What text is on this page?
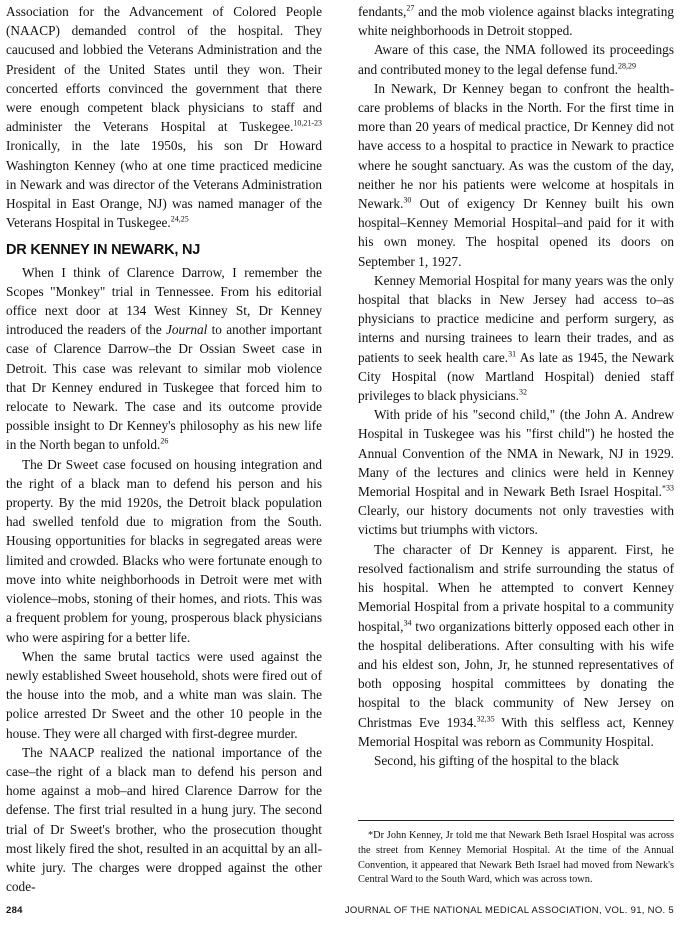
Association for the Advancement of Colored People (NAACP) demanded control of the hospital. They caucused and lobbied the Veterans Administration and the President of the United States until they won. Their concerted efforts convinced the government that there were enough competent black physicians to staff and administer the Veterans Hospital at Tuskegee.$^{10,21-23}$ Ironically, in the late 1950s, his son Dr Howard Washington Kenney (who at one time practiced medicine in Newark and was director of the Veterans Administration Hospital in East Orange, NJ) was named manager of the Veterans Hospital in Tuskegee.$^{24,25}$

DR KENNEY IN NEWARK, NJ

When I think of Clarence Darrow, I remember the Scopes "Monkey" trial in Tennessee. From his editorial office next door at 134 West Kinney St, Dr Kenney introduced the readers of the Journal to another important case of Clarence Darrow–the Dr Ossian Sweet case in Detroit. This case was relevant to similar mob violence that Dr Kenney endured in Tuskegee that forced him to relocate to Newark. The case and its outcome provide possible insight to Dr Kenney's philosophy as his new life in the North began to unfold.$^{26}$

The Dr Sweet case focused on housing integration and the right of a black man to defend his person and his property. By the mid 1920s, the Detroit black population had swelled tenfold due to migration from the South. Housing opportunities for blacks in segregated areas were limited and crowded. Blacks who were fortunate enough to move into white neighborhoods in Detroit were met with violence–mobs, stoning of their homes, and riots. This was a frequent problem for young, prosperous black physicians who were aspiring for a better life.

When the same brutal tactics were used against the newly established Sweet household, shots were fired out of the house into the mob, and a white man was slain. The police arrested Dr Sweet and the other 10 people in the house. They were all charged with first-degree murder.

The NAACP realized the national importance of the case–the right of a black man to defend his person and home against a mob–and hired Clarence Darrow for the defense. The first trial resulted in a hung jury. The second trial of Dr Sweet's brother, who the prosecution thought most likely fired the shot, resulted in an acquittal by an all-white jury. The charges were dropped against the other code-

fendants,$^{27}$ and the mob violence against blacks integrating white neighborhoods in Detroit stopped.

Aware of this case, the NMA followed its proceedings and contributed money to the legal defense fund.$^{28,29}$

In Newark, Dr Kenney began to confront the health-care problems of blacks in the North. For the first time in more than 20 years of medical practice, Dr Kenney did not have access to a hospital to practice in Newark to practice where he sought sanctuary. As was the custom of the day, neither he nor his patients were welcome at hospitals in Newark.$^{30}$ Out of exigency Dr Kenney built his own hospital–Kenney Memorial Hospital–and paid for it with his own money. The hospital opened its doors on September 1, 1927.

Kenney Memorial Hospital for many years was the only hospital that blacks in New Jersey had access to–as physicians to practice medicine and perform surgery, as interns and nursing trainees to learn their trades, and as patients to seek health care.$^{31}$ As late as 1945, the Newark City Hospital (now Martland Hospital) denied staff privileges to black physicians.$^{32}$

With pride of his "second child," (the John A. Andrew Hospital in Tuskegee was his "first child") he hosted the Annual Convention of the NMA in Newark, NJ in 1929. Many of the lectures and clinics were held in Kenney Memorial Hospital and in Newark Beth Israel Hospital.$^{*33}$ Clearly, our history documents not only travesties with victims but triumphs with victors.

The character of Dr Kenney is apparent. First, he resolved factionalism and strife surrounding the status of his hospital. When he attempted to convert Kenney Memorial Hospital from a private hospital to a community hospital,$^{34}$ two organizations bitterly opposed each other in the hospital deliberations. After consulting with his wife and his eldest son, John, Jr, he stunned representatives of both opposing hospital committees by donating the hospital to the black community of New Jersey on Christmas Eve 1934.$^{32,35}$ With this selfless act, Kenney Memorial Hospital was reborn as Community Hospital.

Second, his gifting of the hospital to the black

*Dr John Kenney, Jr told me that Newark Beth Israel Hospital was across the street from Kenney Memorial Hospital. At the time of the Annual Convention, it appeared that Newark Beth Israel had moved from Newark's Central Ward to the South Ward, which was across town.

284	JOURNAL OF THE NATIONAL MEDICAL ASSOCIATION, VOL. 91, NO. 5
